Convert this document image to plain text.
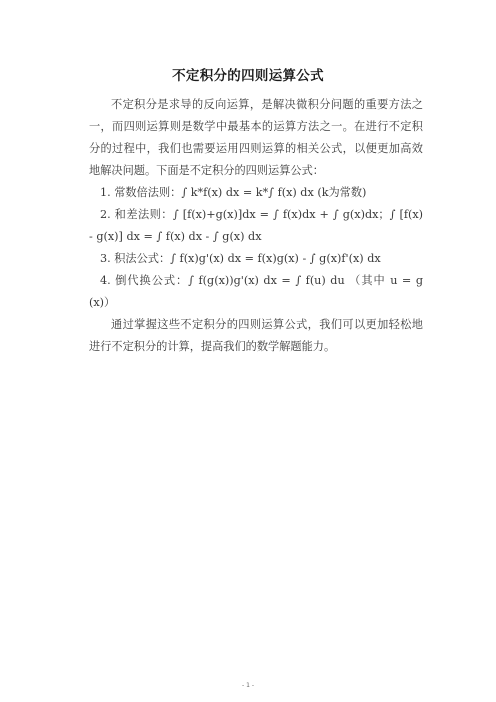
不定积分的四则运算公式

不定积分是求导的反向运算，是解决微积分问题的重要方法之一，而四则运算则是数学中最基本的运算方法之一。在进行不定积分的过程中，我们也需要运用四则运算的相关公式，以便更加高效地解决问题。下面是不定积分的四则运算公式：

1. 常数倍法则：∫ k*f(x) dx = k*∫ f(x) dx (k为常数)

2. 和差法则：∫ [f(x)+g(x)]dx = ∫ f(x)dx + ∫ g(x)dx；∫ [f(x) - g(x)] dx = ∫ f(x) dx - ∫ g(x) dx

3. 积法公式：∫ f(x)g'(x) dx = f(x)g(x) - ∫ g(x)f'(x) dx

4. 倒代换公式：∫ f(g(x))g'(x) dx = ∫ f(u) du （其中 u = g(x)）

通过掌握这些不定积分的四则运算公式，我们可以更加轻松地进行不定积分的计算，提高我们的数学解题能力。

- 1 -
